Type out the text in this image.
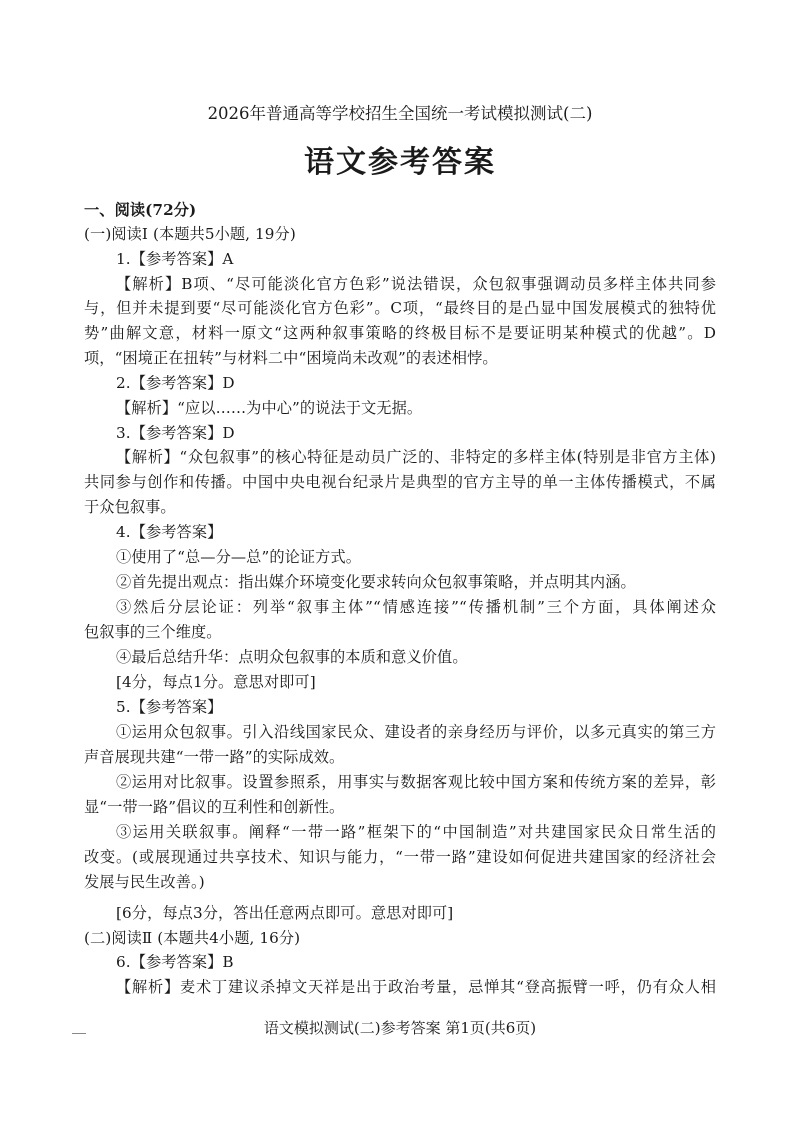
2026年普通高等学校招生全国统一考试模拟测试(二)
语文参考答案
一、阅读(72分)
(一)阅读Ⅰ (本题共5小题, 19分)
1.【参考答案】A
【解析】B项、“尽可能淡化官方色彩”说法错误，众包叙事强调动员多样主体共同参
与，但并未提到要“尽可能淡化官方色彩”。C项，“最终目的是凸显中国发展模式的独特优
势”曲解文意，材料一原文“这两种叙事策略的终极目标不是要证明某种模式的优越”。D
项，“困境正在扭转”与材料二中“困境尚未改观”的表述相悖。
2.【参考答案】D
【解析】“应以……为中心”的说法于文无据。
3.【参考答案】D
【解析】“众包叙事”的核心特征是动员广泛的、非特定的多样主体(特别是非官方主体)
共同参与创作和传播。中国中央电视台纪录片是典型的官方主导的单一主体传播模式，不属
于众包叙事。
4.【参考答案】
①使用了“总—分—总”的论证方式。
②首先提出观点：指出媒介环境变化要求转向众包叙事策略，并点明其内涵。
③然后分层论证：列举“叙事主体”“情感连接”“传播机制”三个方面，具体阐述众
包叙事的三个维度。
④最后总结升华：点明众包叙事的本质和意义价值。
[4分，每点1分。意思对即可]
5.【参考答案】
①运用众包叙事。引入沿线国家民众、建设者的亲身经历与评价，以多元真实的第三方
声音展现共建“一带一路”的实际成效。
②运用对比叙事。设置参照系，用事实与数据客观比较中国方案和传统方案的差异，彰
显“一带一路”倡议的互利性和创新性。
③运用关联叙事。阐释“一带一路”框架下的“中国制造”对共建国家民众日常生活的
改变。(或展现通过共享技术、知识与能力，“一带一路”建设如何促进共建国家的经济社会
发展与民生改善。)
[6分，每点3分，答出任意两点即可。意思对即可]
(二)阅读Ⅱ (本题共4小题, 16分)
6.【参考答案】B
【解析】麦术丁建议杀掉文天祥是出于政治考量，忌惮其“登高振臂一呼，仍有众人相
语文模拟测试(二)参考答案 第1页(共6页)
